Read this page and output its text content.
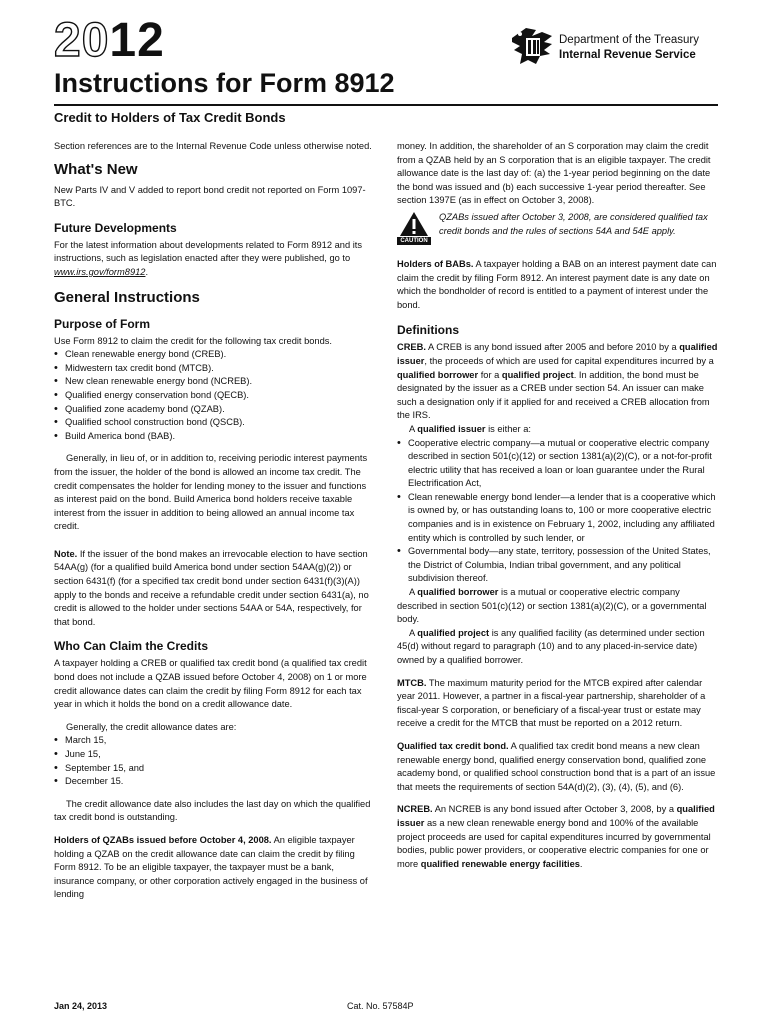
2012	Department of the Treasury
Internal Revenue Service
Instructions for Form 8912
Credit to Holders of Tax Credit Bonds

Section references are to the Internal Revenue Code unless otherwise noted.

What's New

New Parts IV and V added to report bond credit not reported on Form 1097-BTC.

Future Developments

For the latest information about developments related to Form 8912 and its instructions, such as legislation enacted after they were published, go to www.irs.gov/form8912.

General Instructions
Purpose of Form

Use Form 8912 to claim the credit for the following tax credit bonds.

• Clean renewable energy bond (CREB).
• Midwestern tax credit bond (MTCB).
• New clean renewable energy bond (NCREB).
• Qualified energy conservation bond (QECB).
• Qualified zone academy bond (QZAB).
• Qualified school construction bond (QSCB).
• Build America bond (BAB).

Generally, in lieu of, or in addition to, receiving periodic interest payments from the issuer, the holder of the bond is allowed an income tax credit. The credit compensates the holder for lending money to the issuer and functions as interest paid on the bond. Build America bond holders receive taxable interest from the issuer in addition to being allowed an annual income tax credit.

Note. If the issuer of the bond makes an irrevocable election to have section 54AA(g) (for a qualified build America bond under section 54AA(g)(2)) or section 6431(f) (for a specified tax credit bond under section 6431(f)(3)(A)) apply to the bonds and receive a refundable credit under section 6431(a), no credit is allowed to the holder under sections 54AA or 54A, respectively, for that bond.

Who Can Claim the Credits

A taxpayer holding a CREB or qualified tax credit bond (a qualified tax credit bond does not include a QZAB issued before October 4, 2008) on 1 or more credit allowance dates can claim the credit by filing Form 8912 for each tax year in which it holds the bond on a credit allowance date.

Generally, the credit allowance dates are:

• March 15,
• June 15,
• September 15, and
• December 15.

The credit allowance date also includes the last day on which the qualified tax credit bond is outstanding.

Holders of QZABs issued before October 4, 2008. An eligible taxpayer holding a QZAB on the credit allowance date can claim the credit by filing Form 8912. To be an eligible taxpayer, the taxpayer must be a bank, insurance company, or other corporation actively engaged in the business of lending

money. In addition, the shareholder of an S corporation may claim the credit from a QZAB held by an S corporation that is an eligible taxpayer. The credit allowance date is the last day of: (a) the 1-year period beginning on the date the bond was issued and (b) each successive 1-year period thereafter. See section 1397E (as in effect on October 3, 2008).

CAUTION
QZABs issued after October 3, 2008, are considered qualified tax credit bonds and the rules of sections 54A and 54E apply.

Holders of BABs. A taxpayer holding a BAB on an interest payment date can claim the credit by filing Form 8912. An interest payment date is any date on which the bondholder of record is entitled to a payment of interest under the bond.

Definitions

CREB. A CREB is any bond issued after 2005 and before 2010 by a qualified issuer, the proceeds of which are used for capital expenditures incurred by a qualified borrower for a qualified project. In addition, the bond must be designated by the issuer as a CREB under section 54. An issuer can make such a designation only if it applied for and received a CREB allocation from the IRS.

A qualified issuer is either a:

• Cooperative electric company—a mutual or cooperative electric company described in section 501(c)(12) or section 1381(a)(2)(C), or a not-for-profit electric utility that has received a loan or loan guarantee under the Rural Electrification Act,
• Clean renewable energy bond lender—a lender that is a cooperative which is owned by, or has outstanding loans to, 100 or more cooperative electric companies and is in existence on February 1, 2002, including any affiliated entity which is controlled by such lender, or
• Governmental body—any state, territory, possession of the United States, the District of Columbia, Indian tribal government, and any political subdivision thereof.

A qualified borrower is a mutual or cooperative electric company described in section 501(c)(12) or section 1381(a)(2)(C), or a governmental body.

A qualified project is any qualified facility (as determined under section 45(d) without regard to paragraph (10) and to any placed-in-service date) owned by a qualified borrower.

MTCB. The maximum maturity period for the MTCB expired after calendar year 2011. However, a partner in a fiscal-year partnership, shareholder of a fiscal-year S corporation, or beneficiary of a fiscal-year trust or estate may receive a credit for the MTCB that must be reported on a 2012 return.

Qualified tax credit bond. A qualified tax credit bond means a new clean renewable energy bond, qualified energy conservation bond, qualified zone academy bond, or qualified school construction bond that is a part of an issue that meets the requirements of section 54A(d)(2), (3), (4), (5), and (6).

NCREB. An NCREB is any bond issued after October 3, 2008, by a qualified issuer as a new clean renewable energy bond and 100% of the available project proceeds are used for capital expenditures incurred by governmental bodies, public power providers, or cooperative electric companies for one or more qualified renewable energy facilities.

Jan 24, 2013	Cat. No. 57584P
